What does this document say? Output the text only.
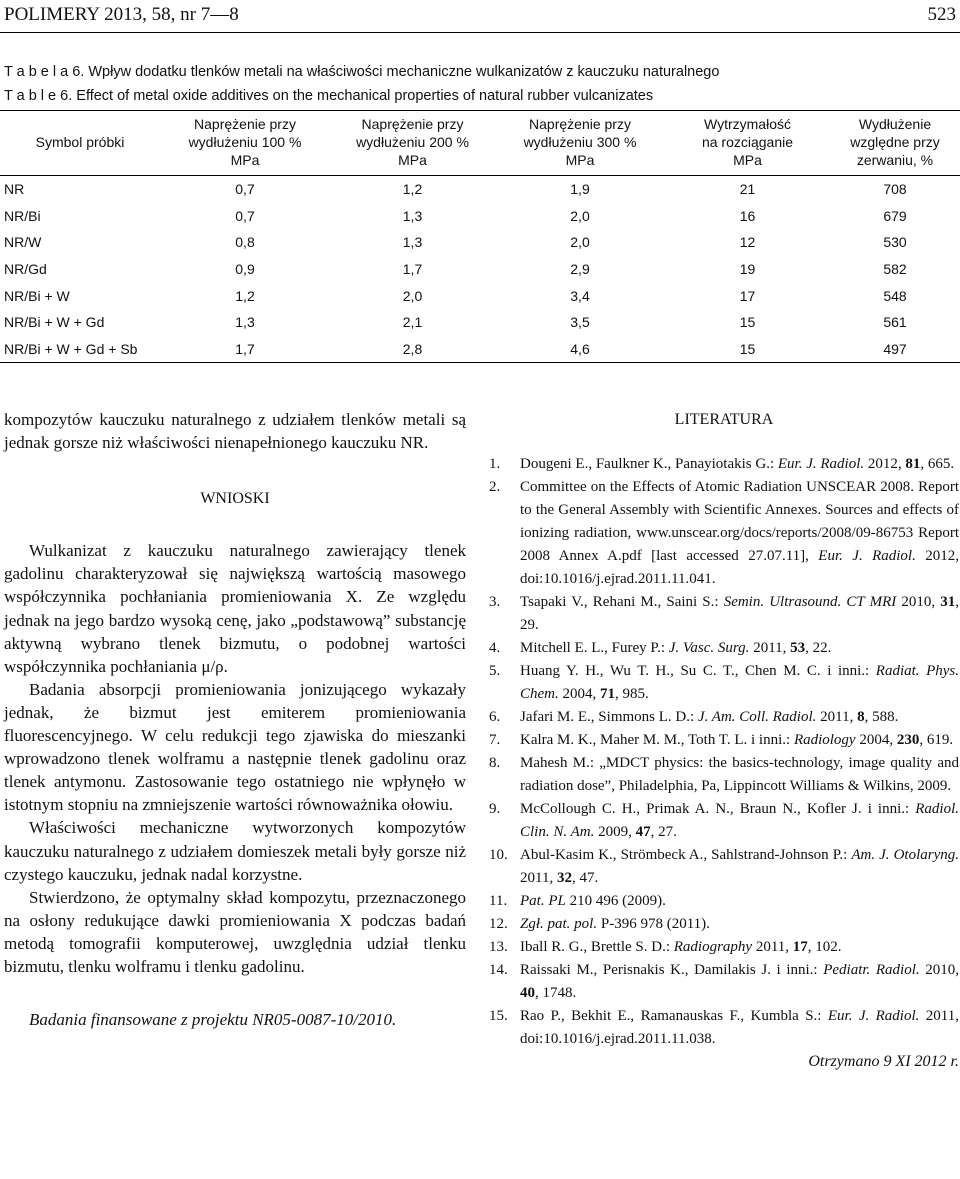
POLIMERY 2013, 58, nr 7—8	523
T a b e l a 6. Wpływ dodatku tlenków metali na właściwości mechaniczne wulkanizatów z kauczuku naturalnego
T a b l e 6. Effect of metal oxide additives on the mechanical properties of natural rubber vulcanizates
Symbol próbki	Naprężenie przy
wydłużeniu 100 %
MPa	Naprężenie przy
wydłużeniu 200 %
MPa	Naprężenie przy
wydłużeniu 300 %
MPa	Wytrzymałość
na rozciąganie
MPa	Wydłużenie
względne przy
zerwaniu, %
NR	0,7	1,2	1,9	21	708
NR/Bi	0,7	1,3	2,0	16	679
NR/W	0,8	1,3	2,0	12	530
NR/Gd	0,9	1,7	2,9	19	582
NR/Bi + W	1,2	2,0	3,4	17	548
NR/Bi + W + Gd	1,3	2,1	3,5	15	561
NR/Bi + W + Gd + Sb	1,7	2,8	4,6	15	497

kompozytów kauczuku naturalnego z udziałem tlenków metali są jednak gorsze niż właściwości nienapełnionego kauczuku NR.

WNIOSKI

Wulkanizat z kauczuku naturalnego zawierający tlenek gadolinu charakteryzował się największą wartością masowego współczynnika pochłaniania promieniowania X. Ze względu jednak na jego bardzo wysoką cenę, jako „podstawową” substancję aktywną wybrano tlenek bizmutu, o podobnej wartości współczynnika pochłaniania μ/ρ.

Badania absorpcji promieniowania jonizującego wykazały jednak, że bizmut jest emiterem promieniowania fluorescencyjnego. W celu redukcji tego zjawiska do mieszanki wprowadzono tlenek wolframu a następnie tlenek gadolinu oraz tlenek antymonu. Zastosowanie tego ostatniego nie wpłynęło w istotnym stopniu na zmniejszenie wartości równoważnika ołowiu.

Właściwości mechaniczne wytworzonych kompozytów kauczuku naturalnego z udziałem domieszek metali były gorsze niż czystego kauczuku, jednak nadal korzystne.

Stwierdzono, że optymalny skład kompozytu, przeznaczonego na osłony redukujące dawki promieniowania X podczas badań metodą tomografii komputerowej, uwzględnia udział tlenku bizmutu, tlenku wolframu i tlenku gadolinu.

Badania finansowane z projektu NR05-0087-10/2010.

LITERATURA
1. Dougeni E., Faulkner K., Panayiotakis G.: Eur. J. Radiol. 2012, 81, 665.
2. Committee on the Effects of Atomic Radiation UNSCEAR 2008. Report to the General Assembly with Scientific Annexes. Sources and effects of ionizing radiation, www.unscear.org/docs/reports/2008/09-86753 Report 2008 Annex A.pdf [last accessed 27.07.11], Eur. J. Radiol. 2012, doi:10.1016/j.ejrad.2011.11.041.
3. Tsapaki V., Rehani M., Saini S.: Semin. Ultrasound. CT MRI 2010, 31, 29.
4. Mitchell E. L., Furey P.: J. Vasc. Surg. 2011, 53, 22.
5. Huang Y. H., Wu T. H., Su C. T., Chen M. C. i inni.: Radiat. Phys. Chem. 2004, 71, 985.
6. Jafari M. E., Simmons L. D.: J. Am. Coll. Radiol. 2011, 8, 588.
7. Kalra M. K., Maher M. M., Toth T. L. i inni.: Radiology 2004, 230, 619.
8. Mahesh M.: „MDCT physics: the basics-technology, image quality and radiation dose”, Philadelphia, Pa, Lippincott Williams & Wilkins, 2009.
9. McCollough C. H., Primak A. N., Braun N., Kofler J. i inni.: Radiol. Clin. N. Am. 2009, 47, 27.
10. Abul-Kasim K., Strömbeck A., Sahlstrand-Johnson P.: Am. J. Otolaryng. 2011, 32, 47.
11. Pat. PL 210 496 (2009).
12. Zgł. pat. pol. P-396 978 (2011).
13. Iball R. G., Brettle S. D.: Radiography 2011, 17, 102.
14. Raissaki M., Perisnakis K., Damilakis J. i inni.: Pediatr. Radiol. 2010, 40, 1748.
15. Rao P., Bekhit E., Ramanauskas F., Kumbla S.: Eur. J. Radiol. 2011, doi:10.1016/j.ejrad.2011.11.038.
Otrzymano 9 XI 2012 r.
